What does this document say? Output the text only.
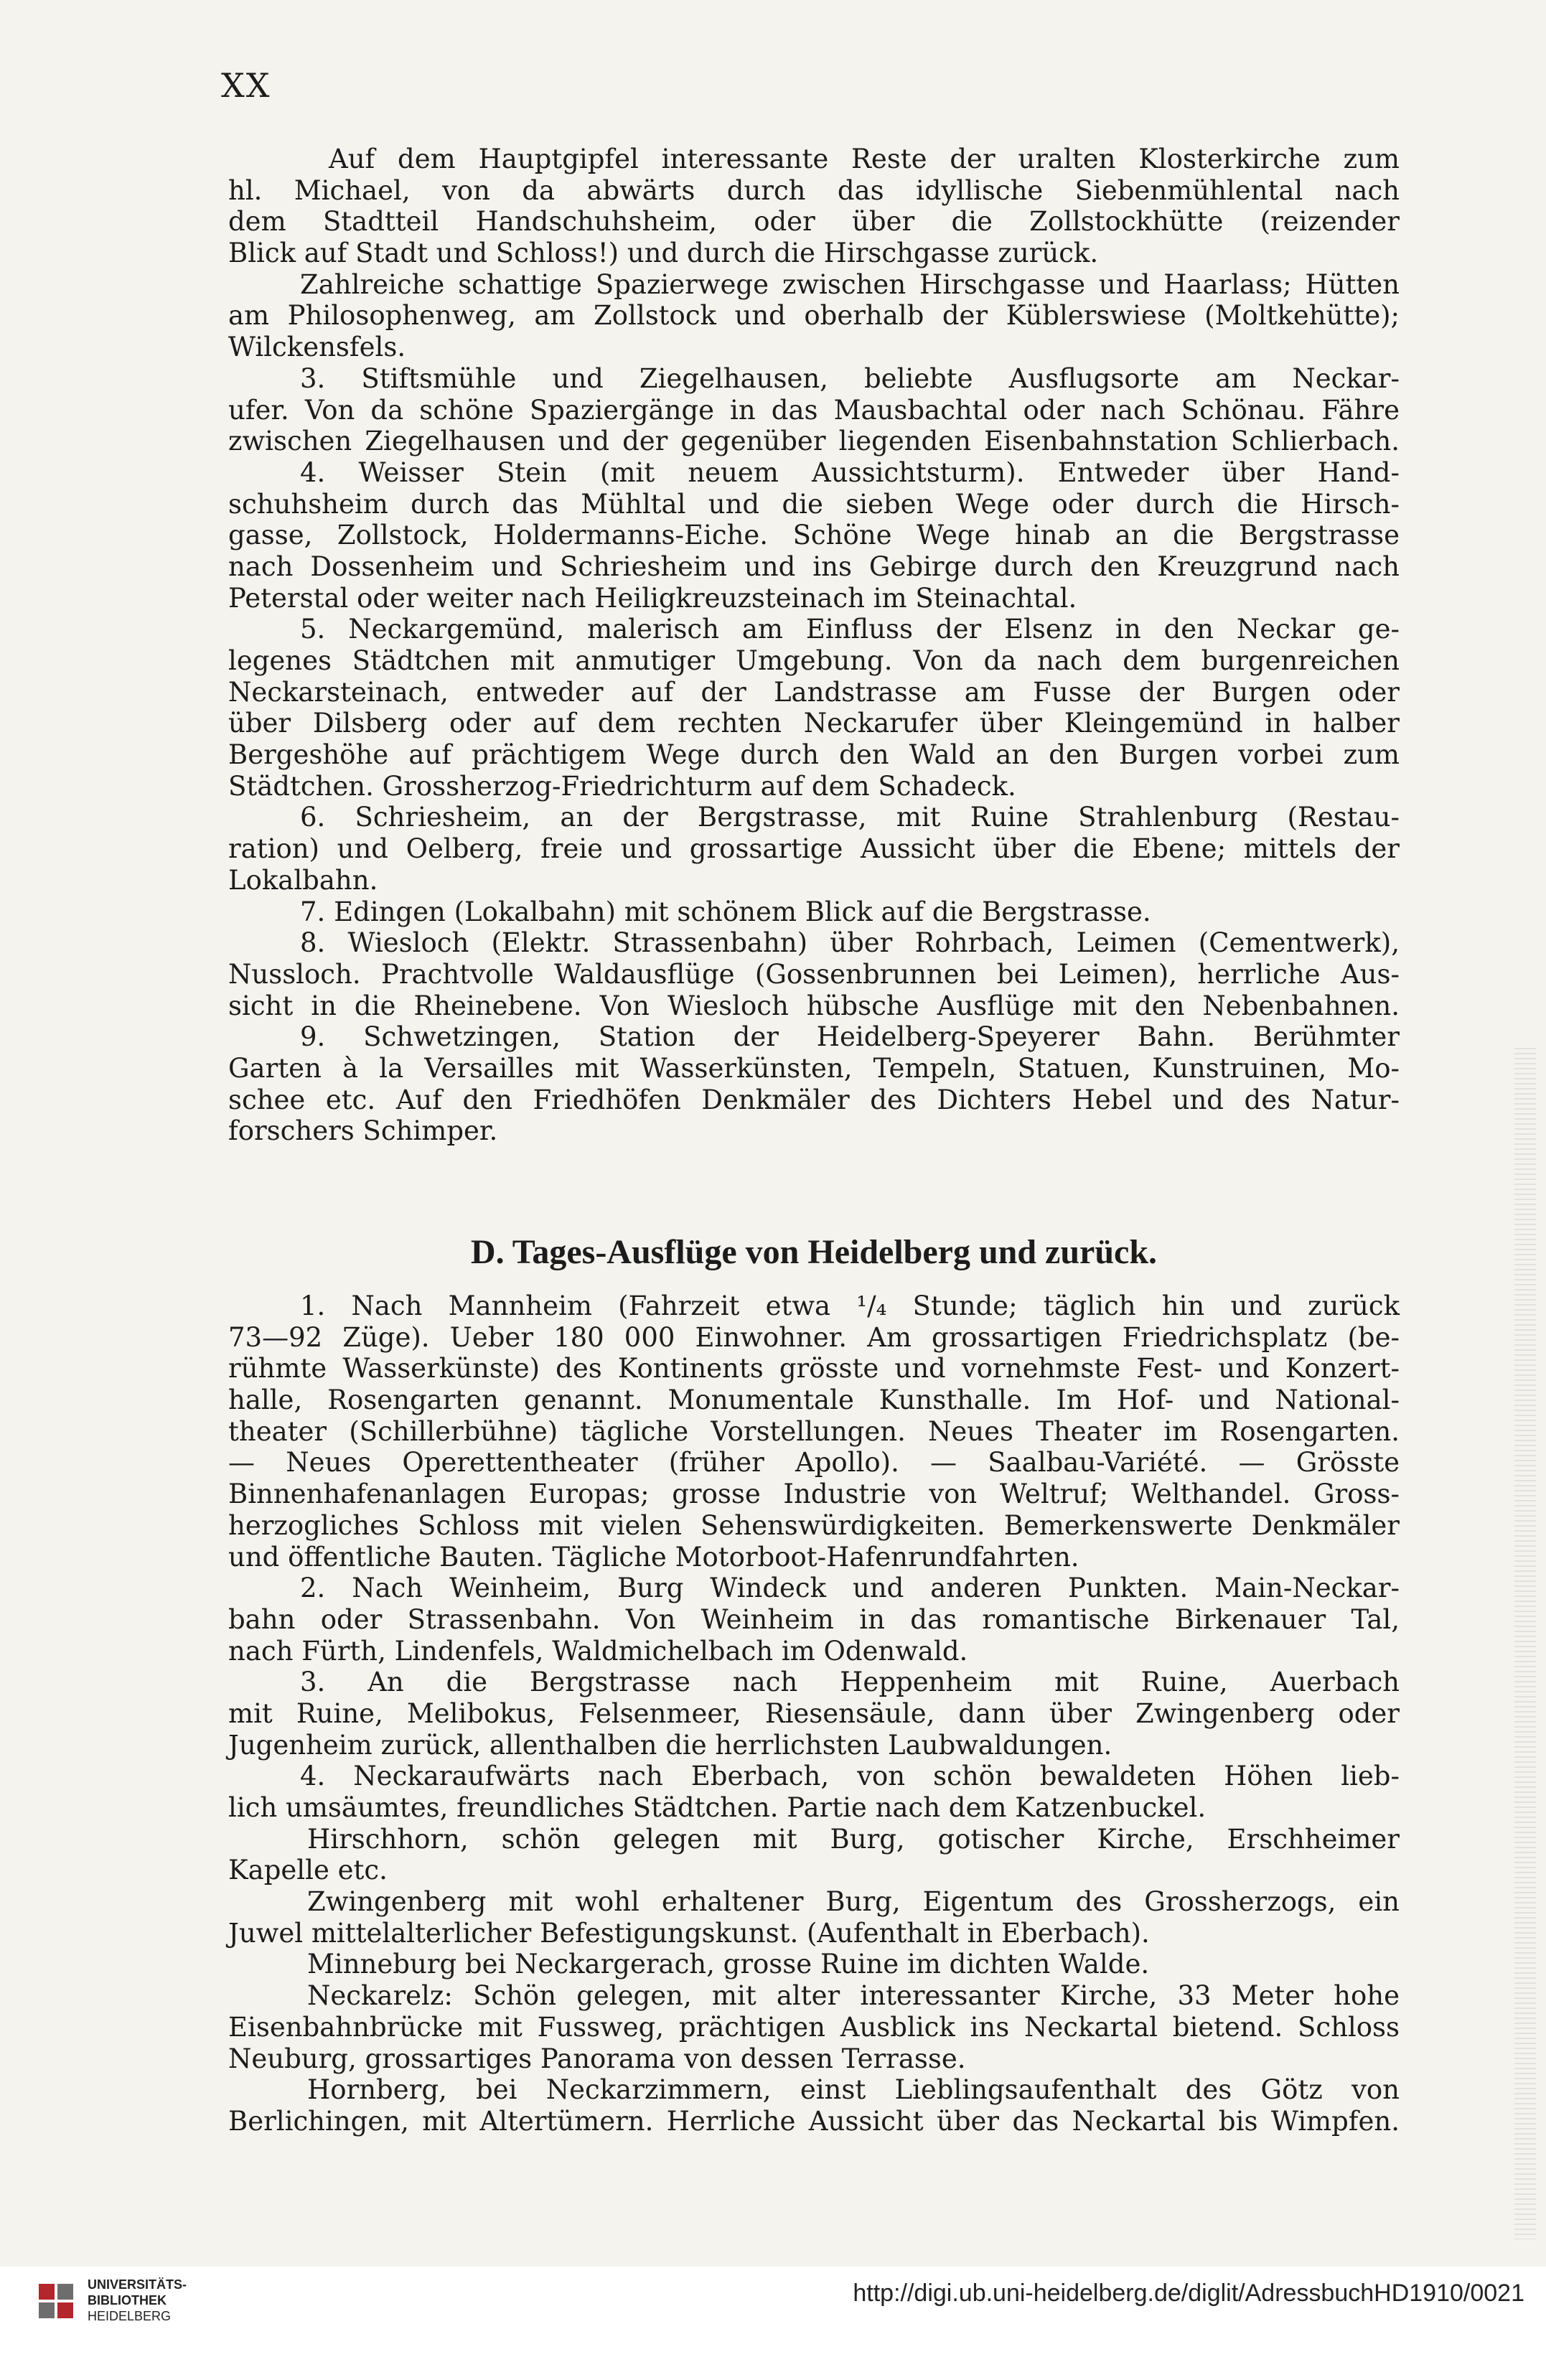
XX
Auf dem Hauptgipfel interessante Reste der uralten Klosterkirche zum
hl. Michael, von da abwärts durch das idyllische Siebenmühlental nach
dem Stadtteil Handschuhsheim, oder über die Zollstockhütte (reizender
Blick auf Stadt und Schloss!) und durch die Hirschgasse zurück.
Zahlreiche schattige Spazierwege zwischen Hirschgasse und Haarlass; Hütten
am Philosophenweg, am Zollstock und oberhalb der Küblerswiese (Moltkehütte);
Wilckensfels.
3. Stiftsmühle und Ziegelhausen, beliebte Ausflugsorte am Neckar-
ufer. Von da schöne Spaziergänge in das Mausbachtal oder nach Schönau. Fähre
zwischen Ziegelhausen und der gegenüber liegenden Eisenbahnstation Schlierbach.
4. Weisser Stein (mit neuem Aussichtsturm). Entweder über Hand-
schuhsheim durch das Mühltal und die sieben Wege oder durch die Hirsch-
gasse, Zollstock, Holdermanns-Eiche. Schöne Wege hinab an die Bergstrasse
nach Dossenheim und Schriesheim und ins Gebirge durch den Kreuzgrund nach
Peterstal oder weiter nach Heiligkreuzsteinach im Steinachtal.
5. Neckargemünd, malerisch am Einfluss der Elsenz in den Neckar ge-
legenes Städtchen mit anmutiger Umgebung. Von da nach dem burgenreichen
Neckarsteinach, entweder auf der Landstrasse am Fusse der Burgen oder
über Dilsberg oder auf dem rechten Neckarufer über Kleingemünd in halber
Bergeshöhe auf prächtigem Wege durch den Wald an den Burgen vorbei zum
Städtchen. Grossherzog-Friedrichturm auf dem Schadeck.
6. Schriesheim, an der Bergstrasse, mit Ruine Strahlenburg (Restau-
ration) und Oelberg, freie und grossartige Aussicht über die Ebene; mittels der
Lokalbahn.
7. Edingen (Lokalbahn) mit schönem Blick auf die Bergstrasse.
8. Wiesloch (Elektr. Strassenbahn) über Rohrbach, Leimen (Cementwerk),
Nussloch. Prachtvolle Waldausflüge (Gossenbrunnen bei Leimen), herrliche Aus-
sicht in die Rheinebene. Von Wiesloch hübsche Ausflüge mit den Nebenbahnen.
9. Schwetzingen, Station der Heidelberg-Speyerer Bahn. Berühmter
Garten à la Versailles mit Wasserkünsten, Tempeln, Statuen, Kunstruinen, Mo-
schee etc. Auf den Friedhöfen Denkmäler des Dichters Hebel und des Natur-
forschers Schimper.
D. Tages-Ausflüge von Heidelberg und zurück.
1. Nach Mannheim (Fahrzeit etwa ¹/₄ Stunde; täglich hin und zurück
73—92 Züge). Ueber 180 000 Einwohner. Am grossartigen Friedrichsplatz (be-
rühmte Wasserkünste) des Kontinents grösste und vornehmste Fest- und Konzert-
halle, Rosengarten genannt. Monumentale Kunsthalle. Im Hof- und National-
theater (Schillerbühne) tägliche Vorstellungen. Neues Theater im Rosengarten.
— Neues Operettentheater (früher Apollo). — Saalbau-Variété. — Grösste
Binnenhafenanlagen Europas; grosse Industrie von Weltruf; Welthandel. Gross-
herzogliches Schloss mit vielen Sehenswürdigkeiten. Bemerkenswerte Denkmäler
und öffentliche Bauten. Tägliche Motorboot-Hafenrundfahrten.
2. Nach Weinheim, Burg Windeck und anderen Punkten. Main-Neckar-
bahn oder Strassenbahn. Von Weinheim in das romantische Birkenauer Tal,
nach Fürth, Lindenfels, Waldmichelbach im Odenwald.
3. An die Bergstrasse nach Heppenheim mit Ruine, Auerbach
mit Ruine, Melibokus, Felsenmeer, Riesensäule, dann über Zwingenberg oder
Jugenheim zurück, allenthalben die herrlichsten Laubwaldungen.
4. Neckaraufwärts nach Eberbach, von schön bewaldeten Höhen lieb-
lich umsäumtes, freundliches Städtchen. Partie nach dem Katzenbuckel.
Hirschhorn, schön gelegen mit Burg, gotischer Kirche, Erschheimer
Kapelle etc.
Zwingenberg mit wohl erhaltener Burg, Eigentum des Grossherzogs, ein
Juwel mittelalterlicher Befestigungskunst. (Aufenthalt in Eberbach).
Minneburg bei Neckargerach, grosse Ruine im dichten Walde.
Neckarelz: Schön gelegen, mit alter interessanter Kirche, 33 Meter hohe
Eisenbahnbrücke mit Fussweg, prächtigen Ausblick ins Neckartal bietend. Schloss
Neuburg, grossartiges Panorama von dessen Terrasse.
Hornberg, bei Neckarzimmern, einst Lieblingsaufenthalt des Götz von
Berlichingen, mit Altertümern. Herrliche Aussicht über das Neckartal bis Wimpfen.
UNIVERSITÄTS-
BIBLIOTHEK
HEIDELBERG
http://digi.ub.uni-heidelberg.de/diglit/AdressbuchHD1910/0021
